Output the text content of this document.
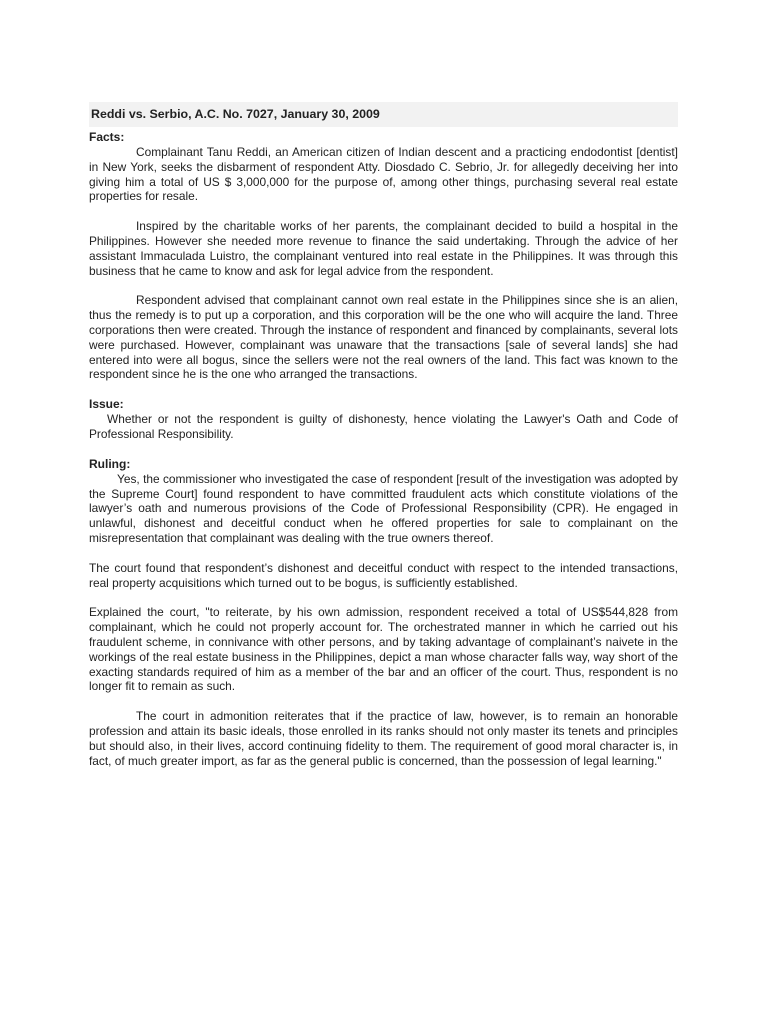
Reddi vs. Serbio, A.C. No. 7027, January 30, 2009
Facts:

Complainant Tanu Reddi, an American citizen of Indian descent and a practicing endodontist [dentist] in New York, seeks the disbarment of respondent Atty. Diosdado C. Sebrio, Jr. for allegedly deceiving her into giving him a total of US $ 3,000,000 for the purpose of, among other things, purchasing several real estate properties for resale.

Inspired by the charitable works of her parents, the complainant decided to build a hospital in the Philippines. However she needed more revenue to finance the said undertaking. Through the advice of her assistant Immaculada Luistro, the complainant ventured into real estate in the Philippines. It was through this business that he came to know and ask for legal advice from the respondent.

Respondent advised that complainant cannot own real estate in the Philippines since she is an alien, thus the remedy is to put up a corporation, and this corporation will be the one who will acquire the land. Three corporations then were created. Through the instance of respondent and financed by complainants, several lots were purchased. However, complainant was unaware that the transactions [sale of several lands] she had entered into were all bogus, since the sellers were not the real owners of the land. This fact was known to the respondent since he is the one who arranged the transactions.

Issue:

Whether or not the respondent is guilty of dishonesty, hence violating the Lawyer's Oath and Code of Professional Responsibility.

Ruling:

Yes, the commissioner who investigated the case of respondent [result of the investigation was adopted by the Supreme Court] found respondent to have committed fraudulent acts which constitute violations of the lawyer’s oath and numerous provisions of the Code of Professional Responsibility (CPR). He engaged in unlawful, dishonest and deceitful conduct when he offered properties for sale to complainant on the misrepresentation that complainant was dealing with the true owners thereof.

The court found that respondent’s dishonest and deceitful conduct with respect to the intended transactions, real property acquisitions which turned out to be bogus, is sufficiently established.

Explained the court, "to reiterate, by his own admission, respondent received a total of US$544,828 from complainant, which he could not properly account for. The orchestrated manner in which he carried out his fraudulent scheme, in connivance with other persons, and by taking advantage of complainant’s naivete in the workings of the real estate business in the Philippines, depict a man whose character falls way, way short of the exacting standards required of him as a member of the bar and an officer of the court. Thus, respondent is no longer fit to remain as such.

The court in admonition reiterates that if the practice of law, however, is to remain an honorable profession and attain its basic ideals, those enrolled in its ranks should not only master its tenets and principles but should also, in their lives, accord continuing fidelity to them. The requirement of good moral character is, in fact, of much greater import, as far as the general public is concerned, than the possession of legal learning."
